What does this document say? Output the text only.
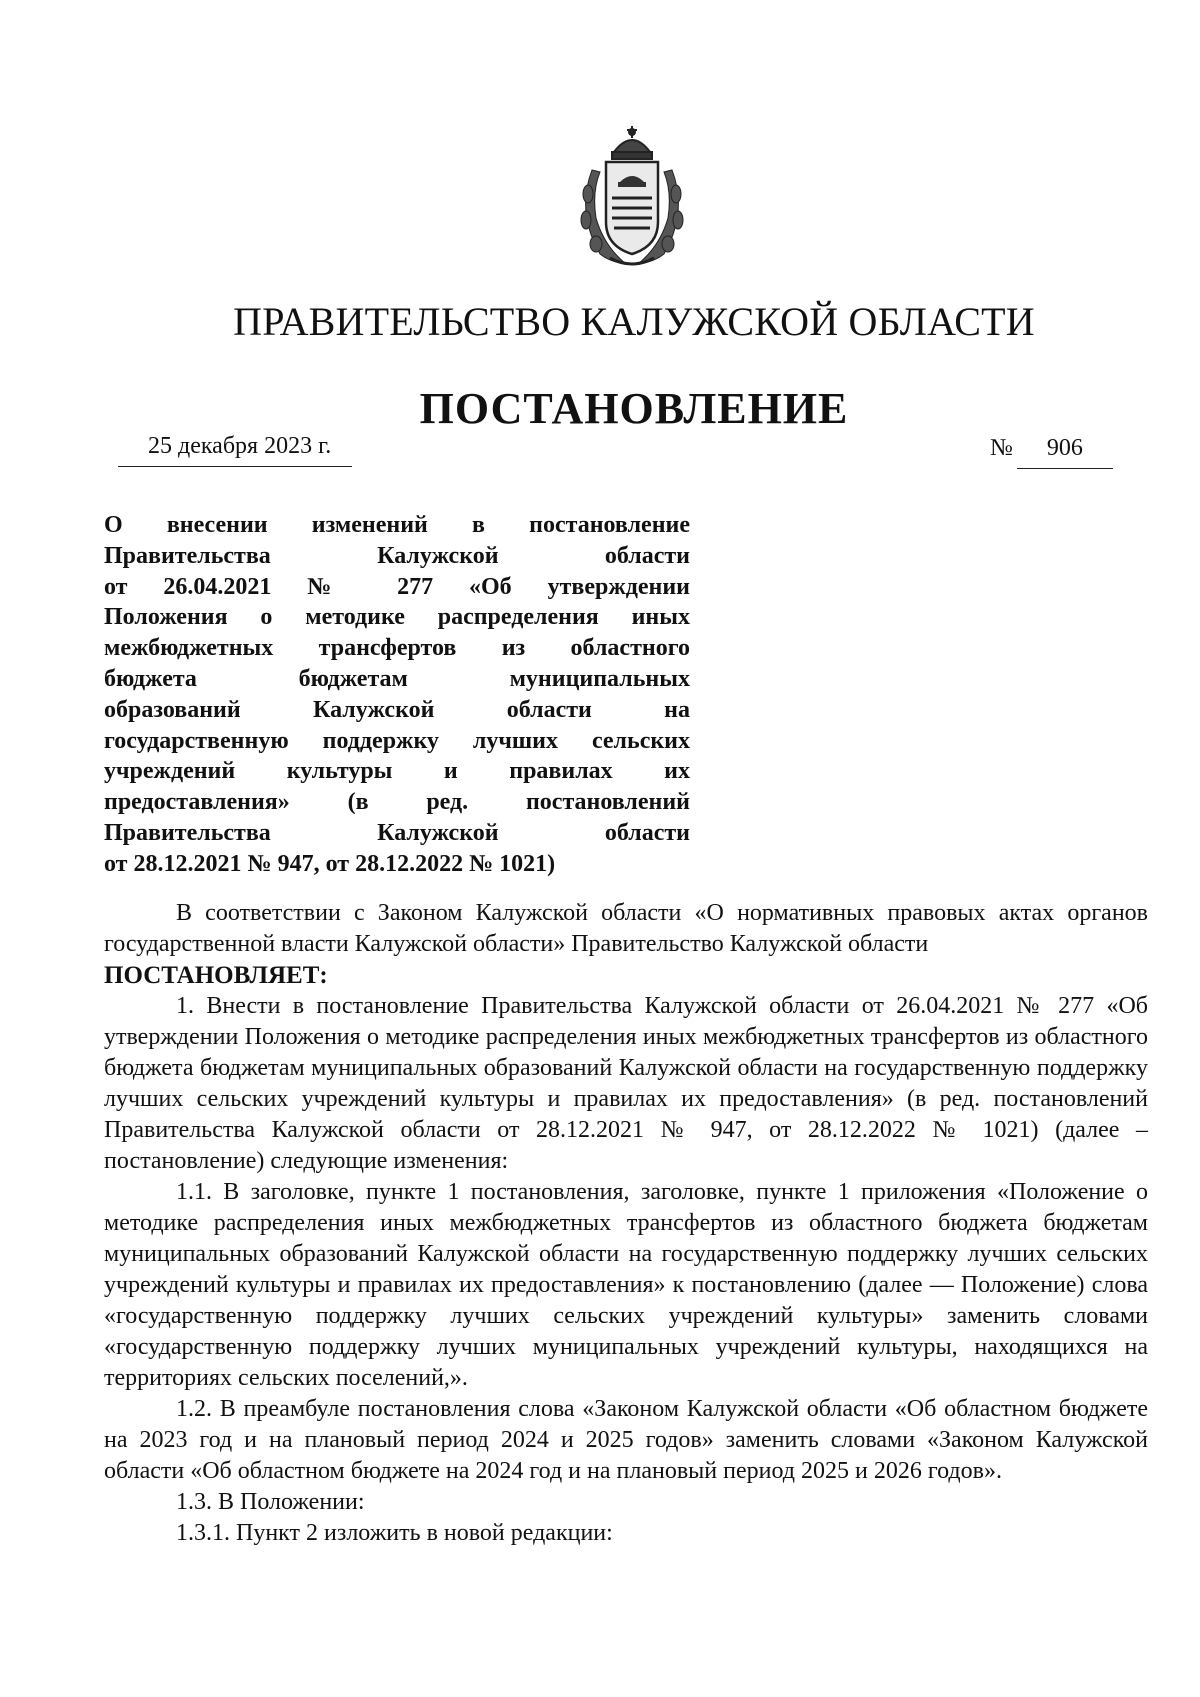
ПРАВИТЕЛЬСТВО КАЛУЖСКОЙ ОБЛАСТИ
ПОСТАНОВЛЕНИЕ
25 декабря 2023 г.	№ 906
О внесении изменений в постановление
Правительства Калужской области
от 26.04.2021 № 277 «Об утверждении
Положения о методике распределения иных
межбюджетных трансфертов из областного
бюджета бюджетам муниципальных
образований Калужской области на
государственную поддержку лучших сельских
учреждений культуры и правилах их
предоставления» (в ред. постановлений
Правительства Калужской области
от 28.12.2021 № 947, от 28.12.2022 № 1021)

В соответствии с Законом Калужской области «О нормативных правовых актах органов государственной власти Калужской области» Правительство Калужской области

ПОСТАНОВЛЯЕТ:

1. Внести в постановление Правительства Калужской области от 26.04.2021 № 277 «Об утверждении Положения о методике распределения иных межбюджетных трансфертов из областного бюджета бюджетам муниципальных образований Калужской области на государственную поддержку лучших сельских учреждений культуры и правилах их предоставления» (в ред. постановлений Правительства Калужской области от 28.12.2021 № 947, от 28.12.2022 № 1021) (далее – постановление) следующие изменения:

1.1. В заголовке, пункте 1 постановления, заголовке, пункте 1 приложения «Положение о методике распределения иных межбюджетных трансфертов из областного бюджета бюджетам муниципальных образований Калужской области на государственную поддержку лучших сельских учреждений культуры и правилах их предоставления» к постановлению (далее — Положение) слова «государственную поддержку лучших сельских учреждений культуры» заменить словами «государственную поддержку лучших муниципальных учреждений культуры, находящихся на территориях сельских поселений,».

1.2. В преамбуле постановления слова «Законом Калужской области «Об областном бюджете на 2023 год и на плановый период 2024 и 2025 годов» заменить словами «Законом Калужской области «Об областном бюджете на 2024 год и на плановый период 2025 и 2026 годов».

1.3. В Положении:

1.3.1. Пункт 2 изложить в новой редакции:
